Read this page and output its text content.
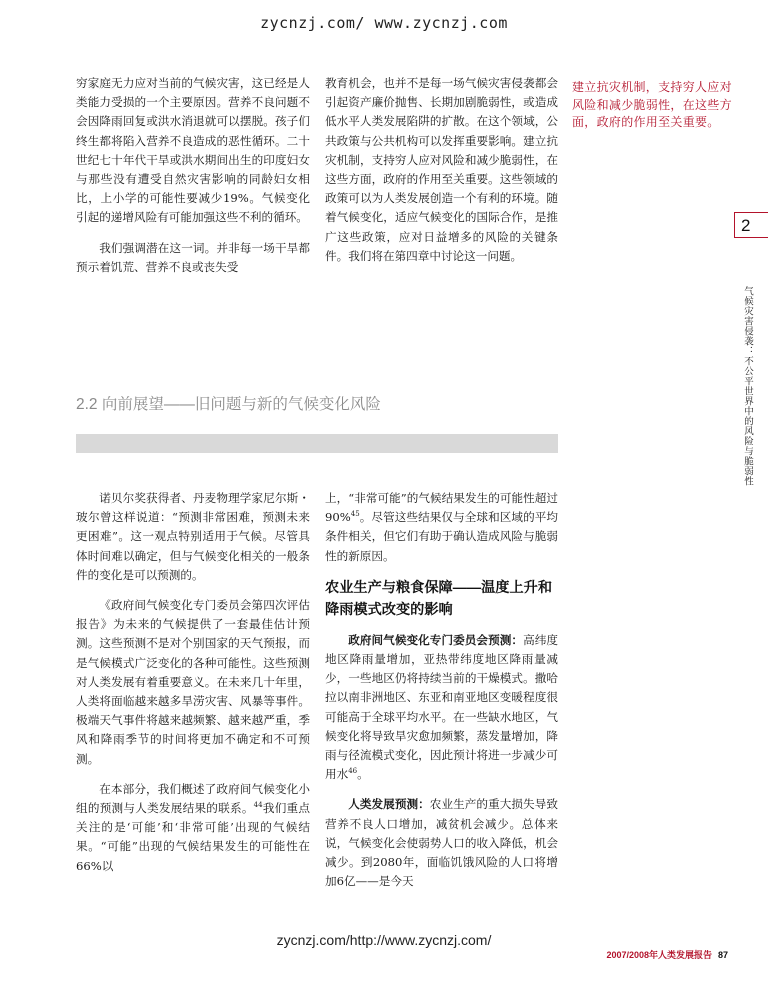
zycnzj.com/ www.zycnzj.com

穷家庭无力应对当前的气候灾害，这已经是人类能力受损的一个主要原因。营养不良问题不会因降雨回复或洪水消退就可以摆脱。孩子们终生都将陷入营养不良造成的恶性循环。二十世纪七十年代干旱或洪水期间出生的印度妇女与那些没有遭受自然灾害影响的同龄妇女相比，上小学的可能性要减少19%。气候变化引起的递增风险有可能加强这些不利的循环。

我们强调潜在这一词。并非每一场干旱都预示着饥荒、营养不良或丧失受

教育机会，也并不是每一场气候灾害侵袭都会引起资产廉价抛售、长期加剧脆弱性，或造成低水平人类发展陷阱的扩散。在这个领域，公共政策与公共机构可以发挥重要影响。建立抗灾机制，支持穷人应对风险和减少脆弱性，在这些方面，政府的作用至关重要。这些领域的政策可以为人类发展创造一个有利的环境。随着气候变化，适应气候变化的国际合作，是推广这些政策，应对日益增多的风险的关键条件。我们将在第四章中讨论这一问题。

建立抗灾机制，支持穷人应对风险和减少脆弱性，在这些方面，政府的作用至关重要。
2
气候灾害侵袭：不公平世界中的风险与脆弱性
2.2 向前展望——旧问题与新的气候变化风险

诺贝尔奖获得者、丹麦物理学家尼尔斯・玻尔曾这样说道：“预测非常困难，预测未来更困难”。这一观点特别适用于气候。尽管具体时间难以确定，但与气候变化相关的一般条件的变化是可以预测的。

《政府间气候变化专门委员会第四次评估报告》为未来的气候提供了一套最佳估计预测。这些预测不是对个别国家的天气预报，而是气候模式广泛变化的各种可能性。这些预测对人类发展有着重要意义。在未来几十年里，人类将面临越来越多旱涝灾害、风暴等事件。极端天气事件将越来越频繁、越来越严重，季风和降雨季节的时间将更加不确定和不可预测。

在本部分，我们概述了政府间气候变化小组的预测与人类发展结果的联系。$^{44}$我们重点关注的是‘可能’和‘非常可能’出现的气候结果。“可能”出现的气候结果发生的可能性在66%以

上，“非常可能”的气候结果发生的可能性超过90%$^{45}$。尽管这些结果仅与全球和区域的平均条件相关，但它们有助于确认造成风险与脆弱性的新原因。

农业生产与粮食保障——温度上升和降雨模式改变的影响

政府间气候变化专门委员会预测：高纬度地区降雨量增加，亚热带纬度地区降雨量减少，一些地区仍将持续当前的干燥模式。撒哈拉以南非洲地区、东亚和南亚地区变暖程度很可能高于全球平均水平。在一些缺水地区，气候变化将导致旱灾愈加频繁，蒸发量增加，降雨与径流模式变化，因此预计将进一步减少可用水$^{46}$。

人类发展预测：农业生产的重大损失导致营养不良人口增加，减贫机会减少。总体来说，气候变化会使弱势人口的收入降低，机会减少。到2080年，面临饥饿风险的人口将增加6亿——是今天

zycnzj.com/http://www.zycnzj.com/
2007/2008年人类发展报告 87
